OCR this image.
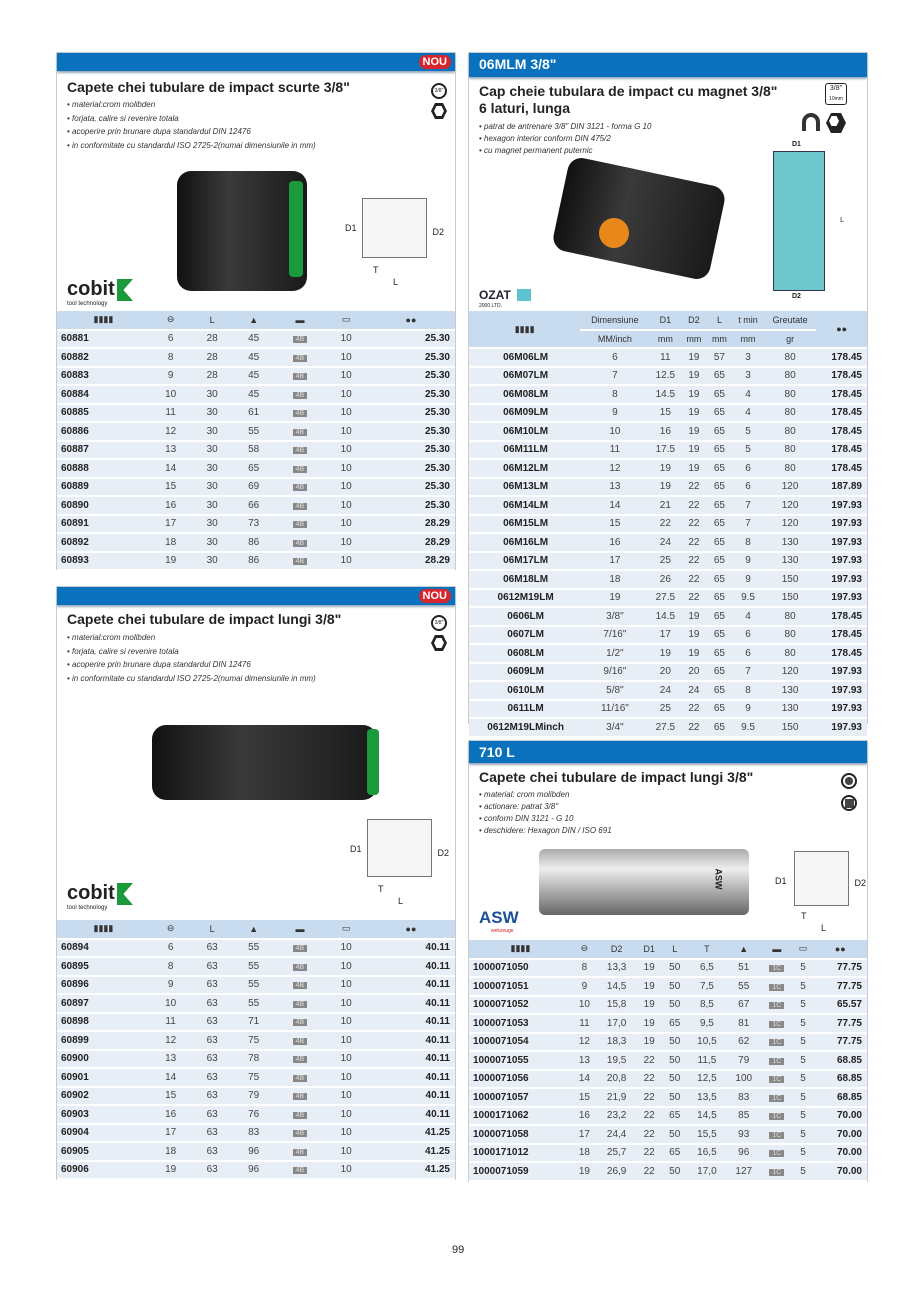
NOU
Capete chei tubulare de impact scurte 3/8"
• material:crom molibden
• forjata, calire si revenire totala
• acoperire prin brunare dupa standardul DIN 12476
• in conformitate cu standardul ISO 2725-2(numai dimensiunile in mm)
3/8"
cobit
tool technology
D1	D2
T
L
▮▮▮▮	⊖	L	▲	▬	▭	●●
60881	6	28	45	4B	10	25.30
60882	8	28	45	4B	10	25.30
60883	9	28	45	4B	10	25.30
60884	10	30	45	4B	10	25.30
60885	11	30	61	4B	10	25.30
60886	12	30	55	4B	10	25.30
60887	13	30	58	4B	10	25.30
60888	14	30	65	4B	10	25.30
60889	15	30	69	4B	10	25.30
60890	16	30	66	4B	10	25.30
60891	17	30	73	4B	10	28.29
60892	18	30	86	4B	10	28.29
60893	19	30	86	4B	10	28.29
NOU
Capete chei tubulare de impact lungi 3/8"
• material:crom molibden
• forjata, calire si revenire totala
• acoperire prin brunare dupa standardul DIN 12476
• in conformitate cu standardul ISO 2725-2(numai dimensiunile in mm)
3/8"
cobit
tool technology
D1	D2
T
L
▮▮▮▮	⊖	L	▲	▬	▭	●●
60894	6	63	55	4B	10	40.11
60895	8	63	55	4B	10	40.11
60896	9	63	55	4B	10	40.11
60897	10	63	55	4B	10	40.11
60898	11	63	71	4B	10	40.11
60899	12	63	75	4B	10	40.11
60900	13	63	78	4B	10	40.11
60901	14	63	75	4B	10	40.11
60902	15	63	79	4B	10	40.11
60903	16	63	76	4B	10	40.11
60904	17	63	83	4B	10	41.25
60905	18	63	96	4B	10	41.25
60906	19	63	96	4B	10	41.25
06MLM 3/8"
Cap cheie tubulara de impact cu magnet 3/8"
6 laturi, lunga
• patrat de antrenare 3/8" DIN 3121 - forma G 10
• hexagon interior conform DIN 475/2
• cu magnet permanent puternic
3/8"
10mm
OZAT
2000 LTD.
D1
D2
L
▮▮▮▮	Dimensiune	D1	D2	L	t min	Greutate	●●
	MM/inch	mm	mm	mm	mm	gr	
06M06LM	6	11	19	57	3	80	178.45
06M07LM	7	12.5	19	65	3	80	178.45
06M08LM	8	14.5	19	65	4	80	178.45
06M09LM	9	15	19	65	4	80	178.45
06M10LM	10	16	19	65	5	80	178.45
06M11LM	11	17.5	19	65	5	80	178.45
06M12LM	12	19	19	65	6	80	178.45
06M13LM	13	19	22	65	6	120	187.89
06M14LM	14	21	22	65	7	120	197.93
06M15LM	15	22	22	65	7	120	197.93
06M16LM	16	24	22	65	8	130	197.93
06M17LM	17	25	22	65	9	130	197.93
06M18LM	18	26	22	65	9	150	197.93
0612M19LM	19	27.5	22	65	9.5	150	197.93
0606LM	3/8"	14.5	19	65	4	80	178.45
0607LM	7/16"	17	19	65	6	80	178.45
0608LM	1/2"	19	19	65	6	80	178.45
0609LM	9/16"	20	20	65	7	120	197.93
0610LM	5/8"	24	24	65	8	130	197.93
0611LM	11/16"	25	22	65	9	130	197.93
0612M19LMinch	3/4"	27.5	22	65	9.5	150	197.93
710 L
Capete chei tubulare de impact lungi 3/8"
• material: crom molibden
• actionare: patrat 3/8"
• conform DIN 3121 - G 10
• deschidere: Hexagon DIN / ISO 691
ASW
ASW
wekzeuge
D1	D2
T
L
▮▮▮▮	⊖	D2	D1	L	T	▲	▬	▭	●●
1000071050	8	13,3	19	50	6,5	51	1C	5	77.75
1000071051	9	14,5	19	50	7,5	55	1C	5	77.75
1000071052	10	15,8	19	50	8,5	67	1C	5	65.57
1000071053	11	17,0	19	65	9,5	81	1C	5	77.75
1000071054	12	18,3	19	50	10,5	62	1C	5	77.75
1000071055	13	19,5	22	50	11,5	79	1C	5	68.85
1000071056	14	20,8	22	50	12,5	100	1C	5	68.85
1000071057	15	21,9	22	50	13,5	83	1C	5	68.85
1000171062	16	23,2	22	65	14,5	85	1C	5	70.00
1000071058	17	24,4	22	50	15,5	93	1C	5	70.00
1000171012	18	25,7	22	65	16,5	96	1C	5	70.00
1000071059	19	26,9	22	50	17,0	127	1C	5	70.00
99
